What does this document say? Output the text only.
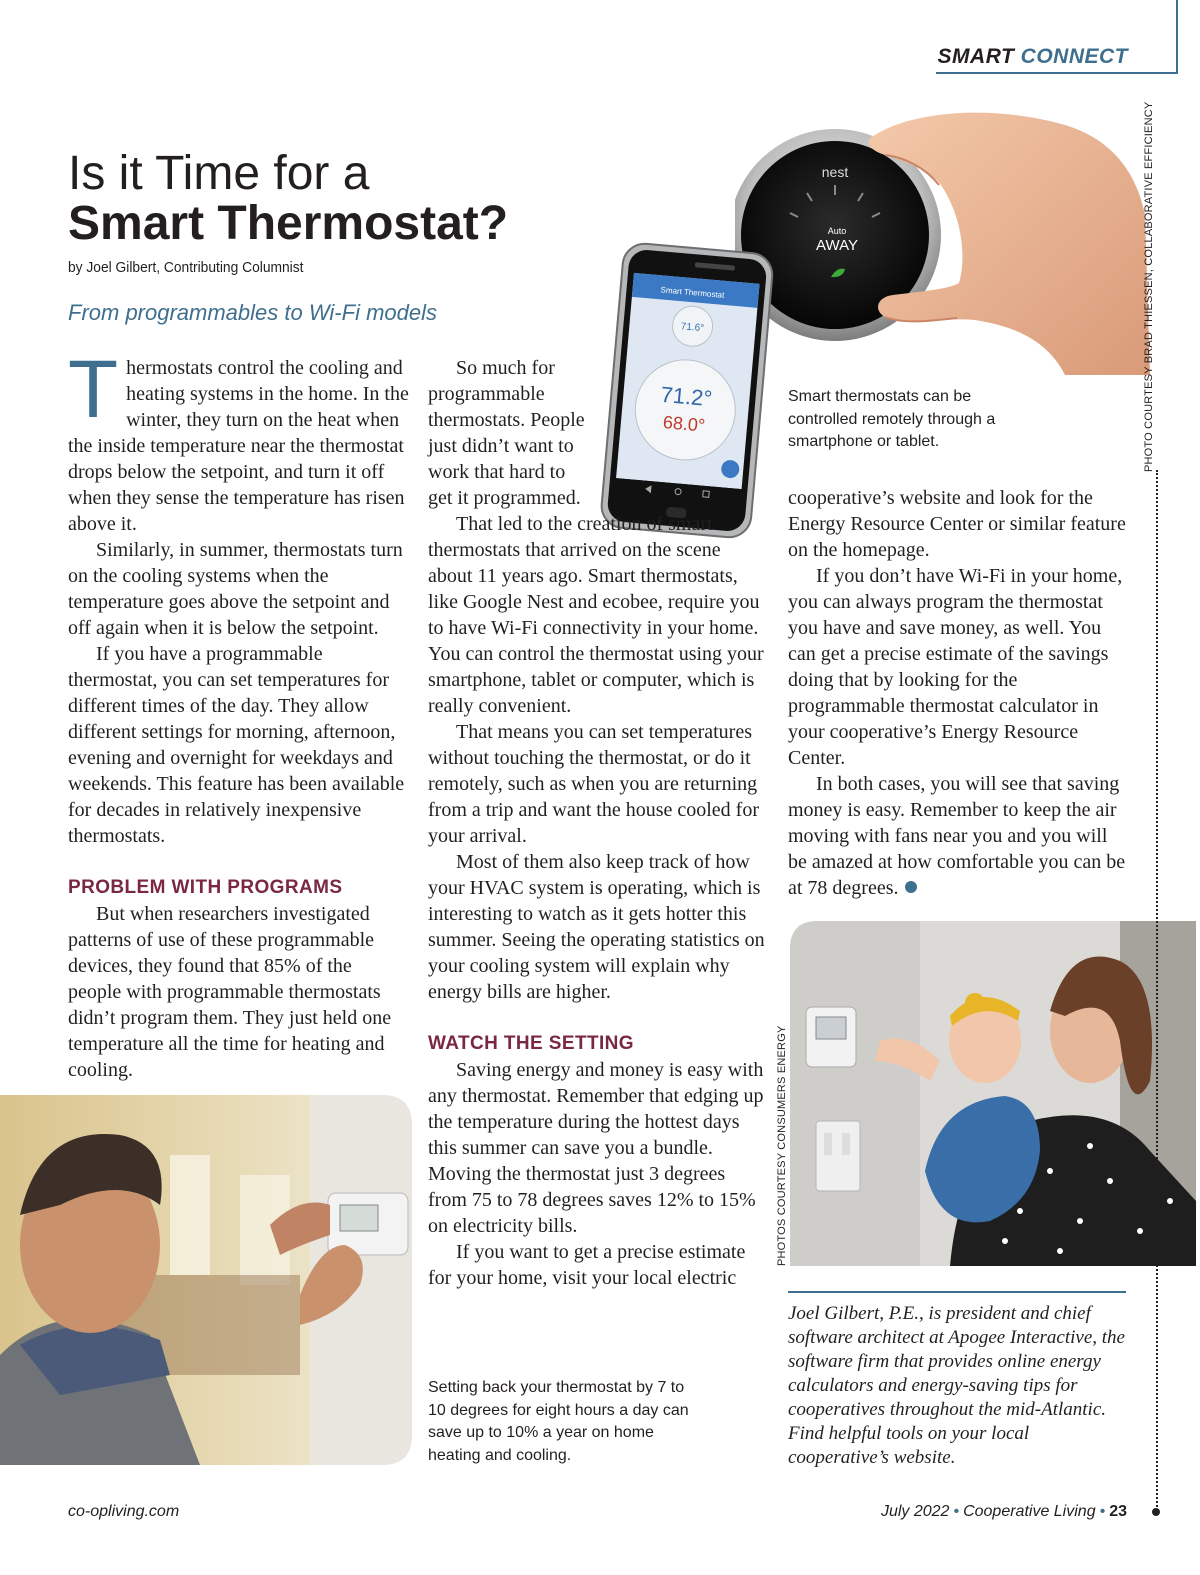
SMART CONNECT
Is it Time for a
Smart Thermostat?
by Joel Gilbert, Contributing Columnist
From programmables to Wi-Fi models
nest
Auto
AWAY
Smart Thermostat
71.6°
71.2°
68.0°
Smart thermostats can be controlled remotely through a smartphone or tablet.	PHOTO COURTESY BRAD THIESSEN, COLLABORATIVE EFFICIENCY
T hermostats control the cooling and heating systems in the home. In the winter, they turn on the heat when the inside temperature near the thermostat drops below the setpoint, and turn it off when they sense the temperature has risen above it.

Similarly, in summer, thermostats turn on the cooling systems when the temperature goes above the setpoint and off again when it is below the setpoint.

If you have a programmable thermostat, you can set temperatures for different times of the day. They allow different settings for morning, afternoon, evening and overnight for weekdays and weekends. This feature has been available for decades in relatively inexpensive thermostats.

PROBLEM WITH PROGRAMS

But when researchers investigated patterns of use of these programmable devices, they found that 85% of the people with programmable thermostats didn’t program them. They just held one temperature all the time for heating and cooling.

So much for programmable thermostats. People just didn’t want to work that hard to get it programmed.

That led to the creation of smart thermostats that arrived on the scene about 11 years ago. Smart thermostats, like Google Nest and ecobee, require you to have Wi-Fi connectivity in your home. You can control the thermostat using your smartphone, tablet or computer, which is really convenient.

That means you can set temperatures without touching the thermostat, or do it remotely, such as when you are returning from a trip and want the house cooled for your arrival.

Most of them also keep track of how your HVAC system is operating, which is interesting to watch as it gets hotter this summer. Seeing the operating statistics on your cooling system will explain why energy bills are higher.

WATCH THE SETTING

Saving energy and money is easy with any thermostat. Remember that edging up the temperature during the hottest days this summer can save you a bundle. Moving the thermostat just 3 degrees from 75 to 78 degrees saves 12% to 15% on electricity bills.

If you want to get a precise estimate for your home, visit your local electric

cooperative’s website and look for the Energy Resource Center or similar feature on the homepage.

If you don’t have Wi-Fi in your home, you can always program the thermostat you have and save money, as well. You can get a precise estimate of the savings doing that by looking for the programmable thermostat calculator in your cooperative’s Energy Resource Center.

In both cases, you will see that saving money is easy. Remember to keep the air moving with fans near you and you will be amazed at how comfortable you can be at 78 degrees.

PHOTOS COURTESY CONSUMERS ENERGY
Setting back your thermostat by 7 to 10 degrees for eight hours a day can save up to 10% a year on home heating and cooling.
Joel Gilbert, P.E., is president and chief software architect at Apogee Interactive, the software firm that provides online energy calculators and energy-saving tips for cooperatives throughout the mid-Atlantic. Find helpful tools on your local cooperative’s website.
co-opliving.com	July 2022 • Cooperative Living • 23
